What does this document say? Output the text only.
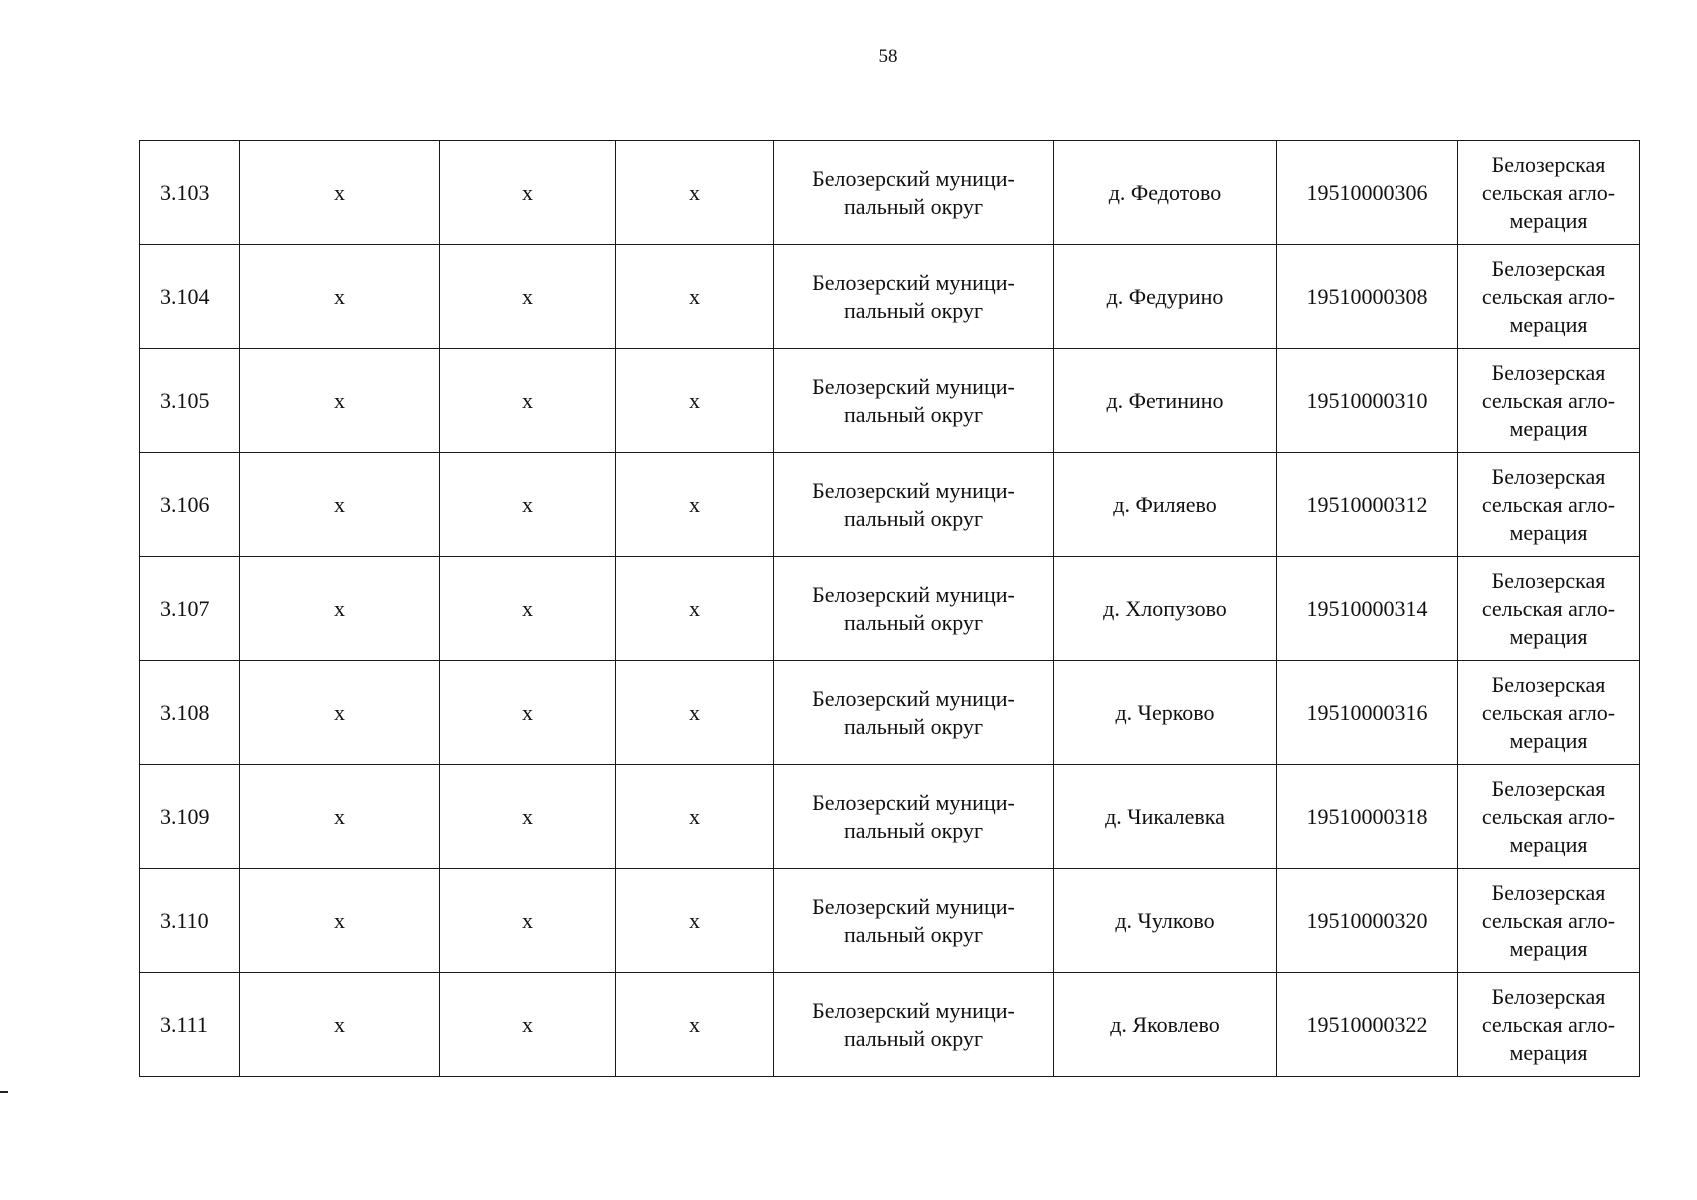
58
3.103	x	x	x	Белозерский муници-пальный округ	д. Федотово	19510000306	Белозерская сельская агло-мерация
3.104	x	x	x	Белозерский муници-пальный округ	д. Федурино	19510000308	Белозерская сельская агло-мерация
3.105	x	x	x	Белозерский муници-пальный округ	д. Фетинино	19510000310	Белозерская сельская агло-мерация
3.106	x	x	x	Белозерский муници-пальный округ	д. Филяево	19510000312	Белозерская сельская агло-мерация
3.107	x	x	x	Белозерский муници-пальный округ	д. Хлопузово	19510000314	Белозерская сельская агло-мерация
3.108	x	x	x	Белозерский муници-пальный округ	д. Черково	19510000316	Белозерская сельская агло-мерация
3.109	x	x	x	Белозерский муници-пальный округ	д. Чикалевка	19510000318	Белозерская сельская агло-мерация
3.110	x	x	x	Белозерский муници-пальный округ	д. Чулково	19510000320	Белозерская сельская агло-мерация
3.111	x	x	x	Белозерский муници-пальный округ	д. Яковлево	19510000322	Белозерская сельская агло-мерация
